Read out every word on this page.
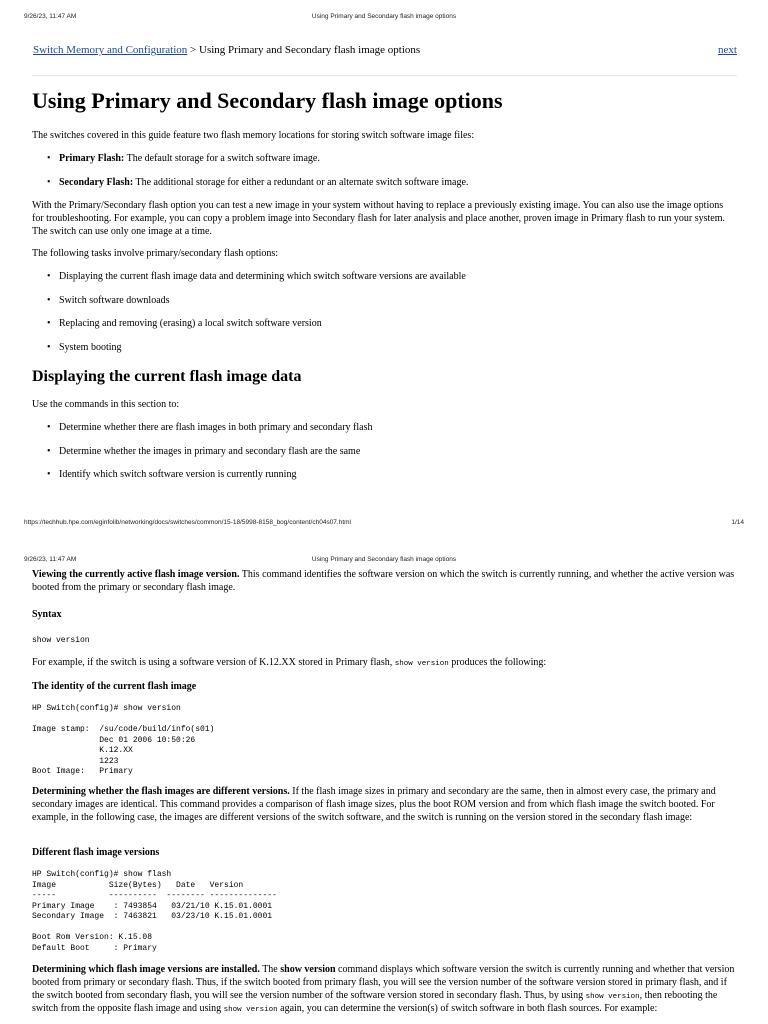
9/26/23, 11:47 AM	Using Primary and Secondary flash image options
Switch Memory and Configuration > Using Primary and Secondary flash image options	next
Using Primary and Secondary flash image options

The switches covered in this guide feature two flash memory locations for storing switch software image files:

• Primary Flash: The default storage for a switch software image.
• Secondary Flash: The additional storage for either a redundant or an alternate switch software image.

With the Primary/Secondary flash option you can test a new image in your system without having to replace a previously existing image. You can also use the image options for troubleshooting. For example, you can copy a problem image into Secondary flash for later analysis and place another, proven image in Primary flash to run your system. The switch can use only one image at a time.

The following tasks involve primary/secondary flash options:

• Displaying the current flash image data and determining which switch software versions are available
• Switch software downloads
• Replacing and removing (erasing) a local switch software version
• System booting
Displaying the current flash image data

Use the commands in this section to:

• Determine whether there are flash images in both primary and secondary flash
• Determine whether the images in primary and secondary flash are the same
• Identify which switch software version is currently running
https://techhub.hpe.com/eginfolib/networking/docs/switches/common/15-18/5998-8158_bog/content/ch04s07.html	1/14
9/26/23, 11:47 AM	Using Primary and Secondary flash image options

Viewing the currently active flash image version. This command identifies the software version on which the switch is currently running, and whether the active version was booted from the primary or secondary flash image.

Syntax
show version

For example, if the switch is using a software version of K.12.XX stored in Primary flash, show version produces the following:

The identity of the current flash image
HP Switch(config)# show version

Image stamp:  /su/code/build/info(s01)
Dec 01 2006 10:50:26
K.12.XX
1223
Boot Image:   Primary

Determining whether the flash images are different versions. If the flash image sizes in primary and secondary are the same, then in almost every case, the primary and secondary images are identical. This command provides a comparison of flash image sizes, plus the boot ROM version and from which flash image the switch booted. For example, in the following case, the images are different versions of the switch software, and the switch is running on the version stored in the secondary flash image:

Different flash image versions
HP Switch(config)# show flash
Image           Size(Bytes)   Date   Version
-----           ----------  -------- --------------
Primary Image    : 7493854   03/21/10 K.15.01.0001
Secondary Image  : 7463821   03/23/10 K.15.01.0001

Boot Rom Version: K.15.08
Default Boot     : Primary

Determining which flash image versions are installed. The show version command displays which software version the switch is currently running and whether that version booted from primary or secondary flash. Thus, if the switch booted from primary flash, you will see the version number of the software version stored in primary flash, and if the switch booted from secondary flash, you will see the version number of the software version stored in secondary flash. Thus, by using show version, then rebooting the switch from the opposite flash image and using show version again, you can determine the version(s) of switch software in both flash sources. For example:
